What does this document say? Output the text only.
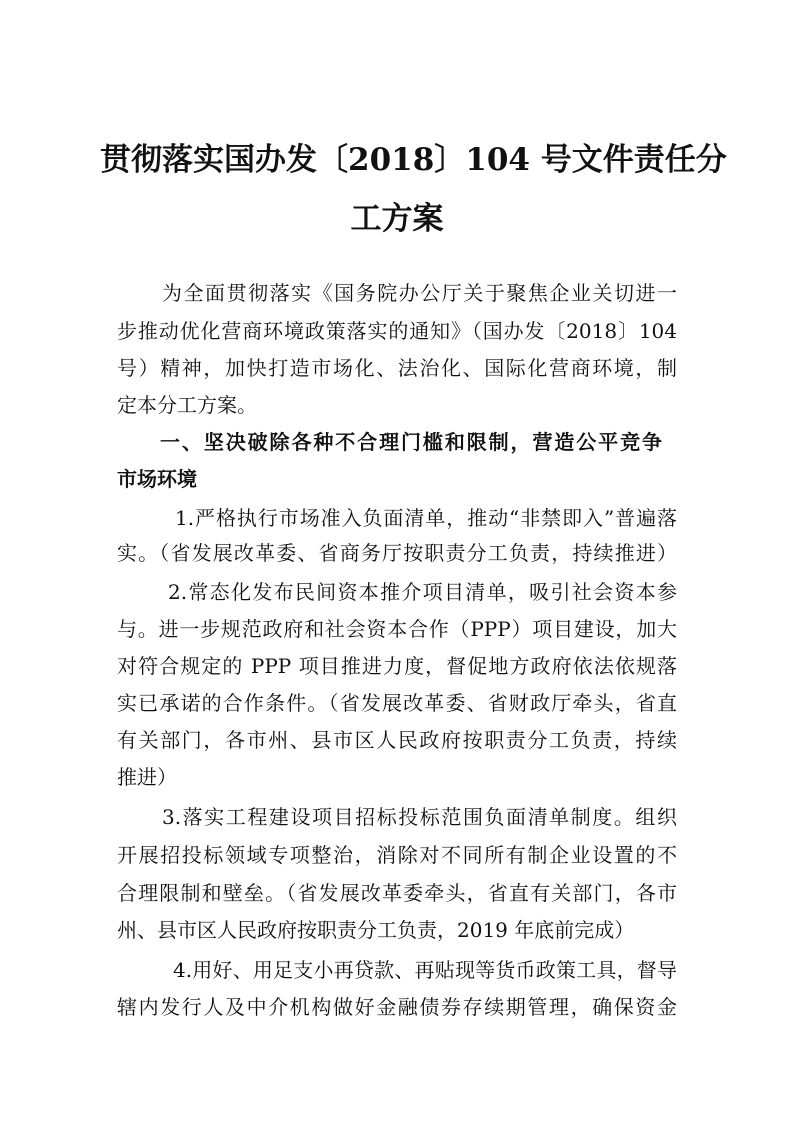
贯彻落实国办发〔2018〕104 号文件责任分
工方案
为全面贯彻落实《国务院办公厅关于聚焦企业关切进一
步推动优化营商环境政策落实的通知》（国办发〔2018〕104
号）精神，加快打造市场化、法治化、国际化营商环境，制
定本分工方案。
一、坚决破除各种不合理门槛和限制，营造公平竞争
市场环境
1.严格执行市场准入负面清单，推动“非禁即入”普遍落
实。（省发展改革委、省商务厅按职责分工负责，持续推进）
2.常态化发布民间资本推介项目清单，吸引社会资本参
与。进一步规范政府和社会资本合作（PPP）项目建设，加大
对符合规定的 PPP 项目推进力度，督促地方政府依法依规落
实已承诺的合作条件。（省发展改革委、省财政厅牵头，省直
有关部门，各市州、县市区人民政府按职责分工负责，持续
推进）
3.落实工程建设项目招标投标范围负面清单制度。组织
开展招投标领域专项整治，消除对不同所有制企业设置的不
合理限制和壁垒。（省发展改革委牵头，省直有关部门，各市
州、县市区人民政府按职责分工负责，2019 年底前完成）
4.用好、用足支小再贷款、再贴现等货币政策工具，督导
辖内发行人及中介机构做好金融债券存续期管理，确保资金
